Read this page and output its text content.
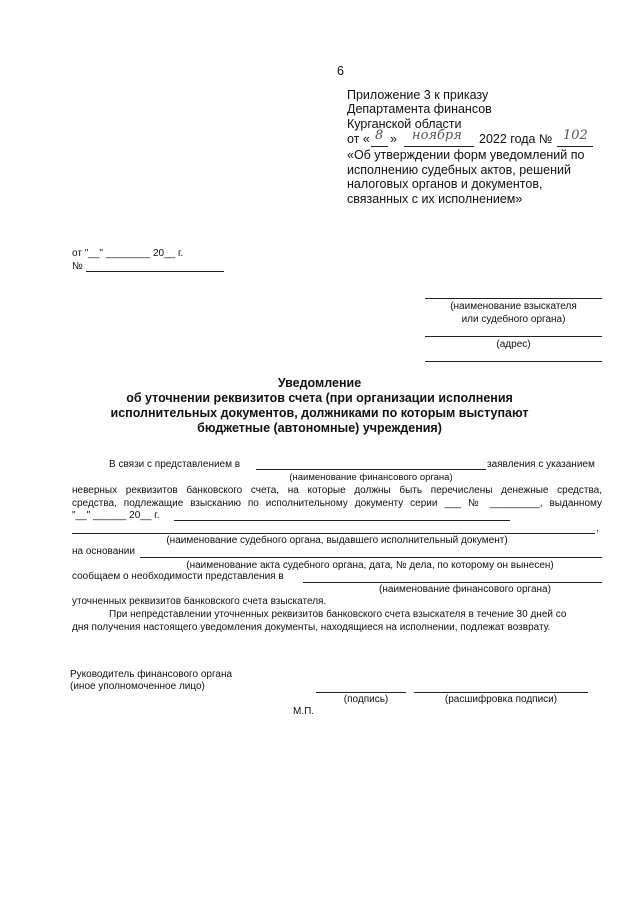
6
Приложение 3 к приказу
Департамента финансов
Курганской области
от « 8 » ноября 2022 года № 102
«Об утверждении форм уведомлений по
исполнению судебных актов, решений
налоговых органов и документов,
связанных с их исполнением»
от "__" ________ 20__ г.
№
(наименование взыскателя
или судебного органа)
(адрес)
Уведомление
об уточнении реквизитов счета (при организации исполнения
исполнительных документов, должниками по которым выступают
бюджетные (автономные) учреждения)
В связи с представлением в	заявления с указанием
(наименование финансового органа)
неверных реквизитов банковского счета, на которые должны быть перечислены денежные средства,
средства, подлежащие взысканию по исполнительному документу серии ___ № _________, выданному
"__" ______ 20__ г.
,
(наименование судебного органа, выдавшего исполнительный документ)
на основании
(наименование акта судебного органа, дата, № дела, по которому он вынесен)
сообщаем о необходимости представления в
(наименование финансового органа)
уточненных реквизитов банковского счета взыскателя.
При непредставлении уточненных реквизитов банковского счета взыскателя в течение 30 дней со
дня получения настоящего уведомления документы, находящиеся на исполнении, подлежат возврату.
Руководитель финансового органа
(иное уполномоченное лицо)
(подпись)	(расшифровка подписи)
М.П.
